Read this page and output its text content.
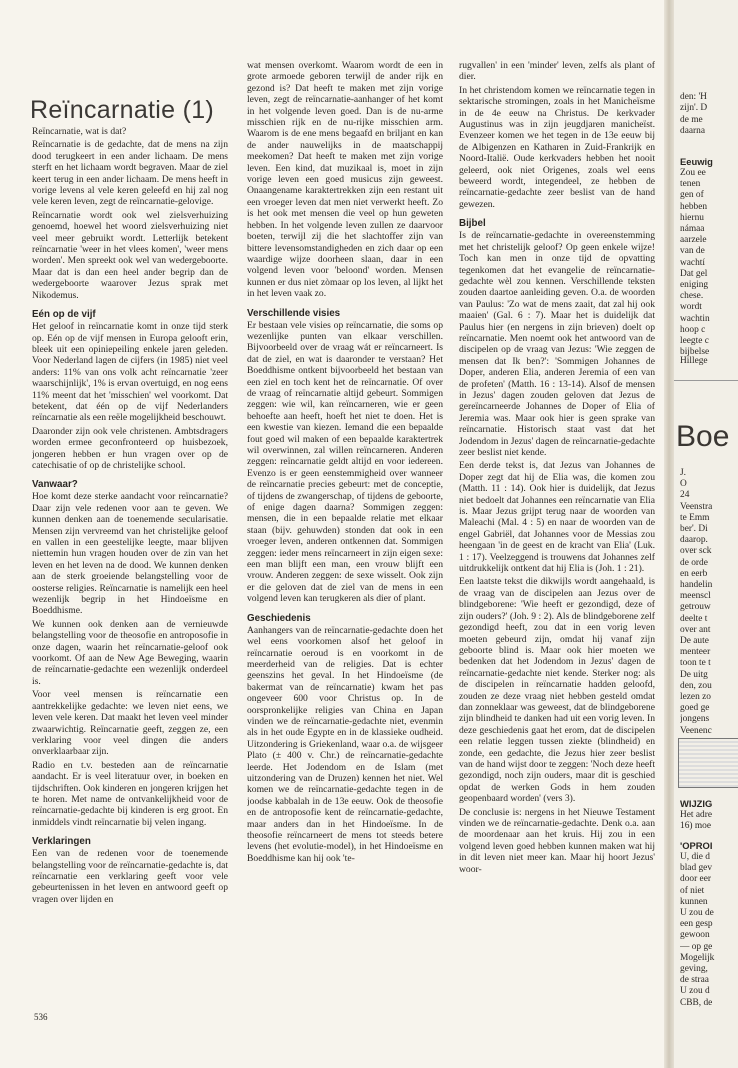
Reïncarnatie (1)

Reïncarnatie, wat is dat?

Reïncarnatie is de gedachte, dat de mens na zijn dood terugkeert in een ander lichaam. De mens sterft en het lichaam wordt begraven. Maar de ziel keert terug in een ander lichaam. De mens heeft in vorige levens al vele keren geleefd en hij zal nog vele keren leven, zegt de reïncarnatie-gelovige.

Reïncarnatie wordt ook wel zielsverhuizing genoemd, hoewel het woord zielsverhuizing niet veel meer gebruikt wordt. Letterlijk betekent reïncarnatie 'weer in het vlees komen', 'weer mens worden'. Men spreekt ook wel van wedergeboorte. Maar dat is dan een heel ander begrip dan de wedergeboorte waarover Jezus sprak met Nikodemus.

Eén op de vijf

Het geloof in reïncarnatie komt in onze tijd sterk op. Eén op de vijf mensen in Europa gelooft erin, bleek uit een opiniepeiling enkele jaren geleden. Voor Nederland lagen de cijfers (in 1985) niet veel anders: 11% van ons volk acht reïncarnatie 'zeer waarschijnlijk', 1% is ervan overtuigd, en nog eens 11% meent dat het 'misschien' wel voorkomt. Dat betekent, dat één op de vijf Nederlanders reïncarnatie als een reële mogelijkheid beschouwt.

Daaronder zijn ook vele christenen. Ambtsdragers worden ermee geconfronteerd op huisbezoek, jongeren hebben er hun vragen over op de catechisatie of op de christelijke school.

Vanwaar?

Hoe komt deze sterke aandacht voor reïncarnatie? Daar zijn vele redenen voor aan te geven. We kunnen denken aan de toenemende secularisatie. Mensen zijn vervreemd van het christelijke geloof en vallen in een geestelijke leegte, maar blijven niettemin hun vragen houden over de zin van het leven en het leven na de dood. We kunnen denken aan de sterk groeiende belangstelling voor de oosterse religies. Reïncarnatie is namelijk een heel wezenlijk begrip in het Hindoeïsme en Boeddhisme.

We kunnen ook denken aan de vernieuwde belangstelling voor de theosofie en antroposofie in onze dagen, waarin het reïncarnatie-geloof ook voorkomt. Of aan de New Age Beweging, waarin de reïncarnatie-gedachte een wezenlijk onderdeel is.

Voor veel mensen is reïncarnatie een aantrekkelijke gedachte: we leven niet eens, we leven vele keren. Dat maakt het leven veel minder zwaarwichtig. Reïncarnatie geeft, zeggen ze, een verklaring voor veel dingen die anders onverklaarbaar zijn.

Radio en t.v. besteden aan de reïncarnatie aandacht. Er is veel literatuur over, in boeken en tijdschriften. Ook kinderen en jongeren krijgen het te horen. Met name de ontvankelijkheid voor de reïncarnatie-gedachte bij kinderen is erg groot. En inmiddels vindt reïncarnatie bij velen ingang.

Verklaringen

Een van de redenen voor de toenemende belangstelling voor de reïncarnatie-gedachte is, dat reïncarnatie een verklaring geeft voor vele gebeurtenissen in het leven en antwoord geeft op vragen over lijden en

wat mensen overkomt. Waarom wordt de een in grote armoede geboren terwijl de ander rijk en gezond is? Dat heeft te maken met zijn vorige leven, zegt de reïncarnatie-aanhanger of het komt in het volgende leven goed. Dan is de nu-arme misschien rijk en de nu-rijke misschien arm. Waarom is de ene mens begaafd en briljant en kan de ander nauwelijks in de maatschappij meekomen? Dat heeft te maken met zijn vorige leven. Een kind, dat muzikaal is, moet in zijn vorige leven een goed musicus zijn geweest. Onaangename karaktertrekken zijn een restant uit een vroeger leven dat men niet verwerkt heeft. Zo is het ook met mensen die veel op hun geweten hebben. In het volgende leven zullen ze daarvoor boeten, terwijl zij die het slachtoffer zijn van bittere levensomstandigheden en zich daar op een waardige wijze doorheen slaan, daar in een volgend leven voor 'beloond' worden. Mensen kunnen er dus niet zòmaar op los leven, al lijkt het in het leven vaak zo.

Verschillende visies

Er bestaan vele visies op reïncarnatie, die soms op wezenlijke punten van elkaar verschillen. Bijvoorbeeld over de vraag wát er reïncarneert. Is dat de ziel, en wat is daaronder te verstaan? Het Boeddhisme ontkent bijvoorbeeld het bestaan van een ziel en toch kent het de reïncarnatie. Of over de vraag of reïncarnatie altijd gebeurt. Sommigen zeggen: wie wil, kan reïncarneren, wie er geen behoefte aan heeft, hoeft het niet te doen. Het is een kwestie van kiezen. Iemand die een bepaalde fout goed wil maken of een bepaalde karaktertrek wil overwinnen, zal willen reïncarneren. Anderen zeggen: reïncarnatie geldt altijd en voor iedereen. Evenzo is er geen eenstemmigheid over wanneer de reïncarnatie precies gebeurt: met de conceptie, of tijdens de zwangerschap, of tijdens de geboorte, of enige dagen daarna? Sommigen zeggen: mensen, die in een bepaalde relatie met elkaar staan (bijv. gehuwden) stonden dat ook in een vroeger leven, anderen ontkennen dat. Sommigen zeggen: ieder mens reïncarneert in zijn eigen sexe: een man blijft een man, een vrouw blijft een vrouw. Anderen zeggen: de sexe wisselt. Ook zijn er die geloven dat de ziel van de mens in een volgend leven kan terugkeren als dier of plant.

Geschiedenis

Aanhangers van de reïncarnatie-gedachte doen het wel eens voorkomen alsof het geloof in reïncarnatie oeroud is en voorkomt in de meerderheid van de religies. Dat is echter geenszins het geval. In het Hindoeïsme (de bakermat van de reïncarnatie) kwam het pas ongeveer 600 voor Christus op. In de oorspronkelijke religies van China en Japan vinden we de reïncarnatie-gedachte niet, evenmin als in het oude Egypte en in de klassieke oudheid. Uitzondering is Griekenland, waar o.a. de wijsgeer Plato (± 400 v. Chr.) de reïncarnatie-gedachte leerde. Het Jodendom en de Islam (met uitzondering van de Druzen) kennen het niet. Wel komen we de reïncarnatie-gedachte tegen in de joodse kabbalah in de 13e eeuw. Ook de theosofie en de antroposofie kent de reïncarnatie-gedachte, maar anders dan in het Hindoeïsme. In de theosofie reïncarneert de mens tot steeds betere levens (het evolutie-model), in het Hindoeïsme en Boeddhisme kan hij ook 'te-

rugvallen' in een 'minder' leven, zelfs als plant of dier.

In het christendom komen we reïncarnatie tegen in sektarische stromingen, zoals in het Manicheïsme in de 4e eeuw na Christus. De kerkvader Augustinus was in zijn jeugdjaren manicheïst. Evenzeer komen we het tegen in de 13e eeuw bij de Albigenzen en Katharen in Zuid-Frankrijk en Noord-Italië. Oude kerkvaders hebben het nooit geleerd, ook niet Origenes, zoals wel eens beweerd wordt, integendeel, ze hebben de reïncarnatie-gedachte zeer beslist van de hand gewezen.

Bijbel

Is de reïncarnatie-gedachte in overeenstemming met het christelijk geloof? Op geen enkele wijze! Toch kan men in onze tijd de opvatting tegenkomen dat het evangelie de reïncarnatie-gedachte wèl zou kennen. Verschillende teksten zouden daartoe aanleiding geven. O.a. de woorden van Paulus: 'Zo wat de mens zaait, dat zal hij ook maaien' (Gal. 6 : 7). Maar het is duidelijk dat Paulus hier (en nergens in zijn brieven) doelt op reïncarnatie. Men noemt ook het antwoord van de discipelen op de vraag van Jezus: 'Wie zeggen de mensen dat Ik ben?': 'Sommigen Johannes de Doper, anderen Elia, anderen Jeremia of een van de profeten' (Matth. 16 : 13-14). Alsof de mensen in Jezus' dagen zouden geloven dat Jezus de gereïncarneerde Johannes de Doper of Elia of Jeremia was. Maar ook hier is geen sprake van reïncarnatie. Historisch staat vast dat het Jodendom in Jezus' dagen de reïncarnatie-gedachte zeer beslist niet kende.

Een derde tekst is, dat Jezus van Johannes de Doper zegt dat hij de Elia was, die komen zou (Matth. 11 : 14). Ook hier is duidelijk, dat Jezus niet bedoelt dat Johannes een reïncarnatie van Elia is. Maar Jezus grijpt terug naar de woorden van Maleachi (Mal. 4 : 5) en naar de woorden van de engel Gabriël, dat Johannes voor de Messias zou heengaan 'in de geest en de kracht van Elia' (Luk. 1 : 17). Veelzeggend is trouwens dat Johannes zelf uitdrukkelijk ontkent dat hij Elia is (Joh. 1 : 21).

Een laatste tekst die dikwijls wordt aangehaald, is de vraag van de discipelen aan Jezus over de blindgeborene: 'Wie heeft er gezondigd, deze of zijn ouders?' (Joh. 9 : 2). Als de blindgeborene zelf gezondigd heeft, zou dat in een vorig leven moeten gebeurd zijn, omdat hij vanaf zijn geboorte blind is. Maar ook hier moeten we bedenken dat het Jodendom in Jezus' dagen de reïncarnatie-gedachte niet kende. Sterker nog: als de discipelen in reïncarnatie hadden geloofd, zouden ze deze vraag niet hebben gesteld omdat dan zonneklaar was geweest, dat de blindgeborene zijn blindheid te danken had uit een vorig leven. In deze geschiedenis gaat het erom, dat de discipelen een relatie leggen tussen ziekte (blindheid) en zonde, een gedachte, die Jezus hier zeer beslist van de hand wijst door te zeggen: 'Noch deze heeft gezondigd, noch zijn ouders, maar dit is geschied opdat de werken Gods in hem zouden geopenbaard worden' (vers 3).

De conclusie is: nergens in het Nieuwe Testament vinden we de reïncarnatie-gedachte. Denk o.a. aan de moordenaar aan het kruis. Hij zou in een volgend leven goed hebben kunnen maken wat hij in dit leven niet meer kan. Maar hij hoort Jezus' woor-

536
den: 'H
zijn'. D
de me
daarna
Eeuwig
Zou ee
tenen
gen of
hebben
hiernu
námaa
aarzele
van de
wachtí
Dat gel
eniging
chese.
wordt
wachtin
hoop c
leegte c
bijbelse
Hillege
Boe
J.
O
24
Veenstra
te Emm
ber'. Di
daarop.
over sck
de orde
en eerb
handelin
meenscl
getrouw
deelte t
over ant
De aute
menteer
toon te t
De uitg
den, zou
lezen zo
goed ge
jongens
Veenenc
WIJZIG
Het adre
16) moe
'OPROI
U, die d
blad gev
door eer
of niet
kunnen
U zou de
een gesp
gewoon
— op ge
Mogelijk
geving,
de straa
U zou d
CBB, de
